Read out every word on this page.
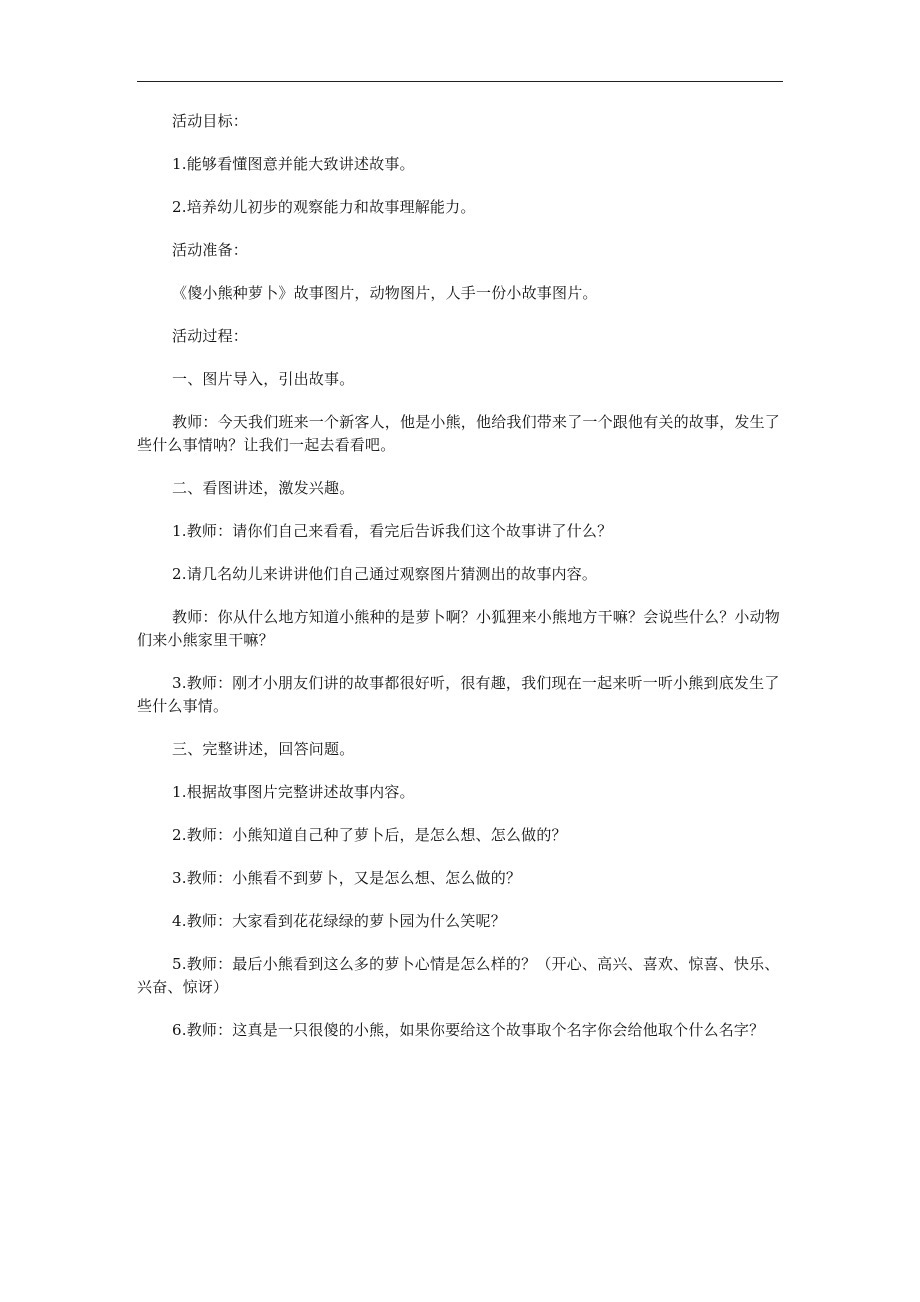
活动目标：

1.能够看懂图意并能大致讲述故事。

2.培养幼儿初步的观察能力和故事理解能力。

活动准备：

《傻小熊种萝卜》故事图片，动物图片，人手一份小故事图片。

活动过程：

一、图片导入，引出故事。

教师：今天我们班来一个新客人，他是小熊，他给我们带来了一个跟他有关的故事，发生了些什么事情呐？让我们一起去看看吧。

二、看图讲述，激发兴趣。

1.教师：请你们自己来看看，看完后告诉我们这个故事讲了什么？

2.请几名幼儿来讲讲他们自己通过观察图片猜测出的故事内容。

教师：你从什么地方知道小熊种的是萝卜啊？小狐狸来小熊地方干嘛？会说些什么？小动物们来小熊家里干嘛？

3.教师：刚才小朋友们讲的故事都很好听，很有趣，我们现在一起来听一听小熊到底发生了些什么事情。

三、完整讲述，回答问题。

1.根据故事图片完整讲述故事内容。

2.教师：小熊知道自己种了萝卜后，是怎么想、怎么做的？

3.教师：小熊看不到萝卜，又是怎么想、怎么做的？

4.教师：大家看到花花绿绿的萝卜园为什么笑呢？

5.教师：最后小熊看到这么多的萝卜心情是怎么样的？（开心、高兴、喜欢、惊喜、快乐、兴奋、惊讶）

6.教师：这真是一只很傻的小熊，如果你要给这个故事取个名字你会给他取个什么名字？
